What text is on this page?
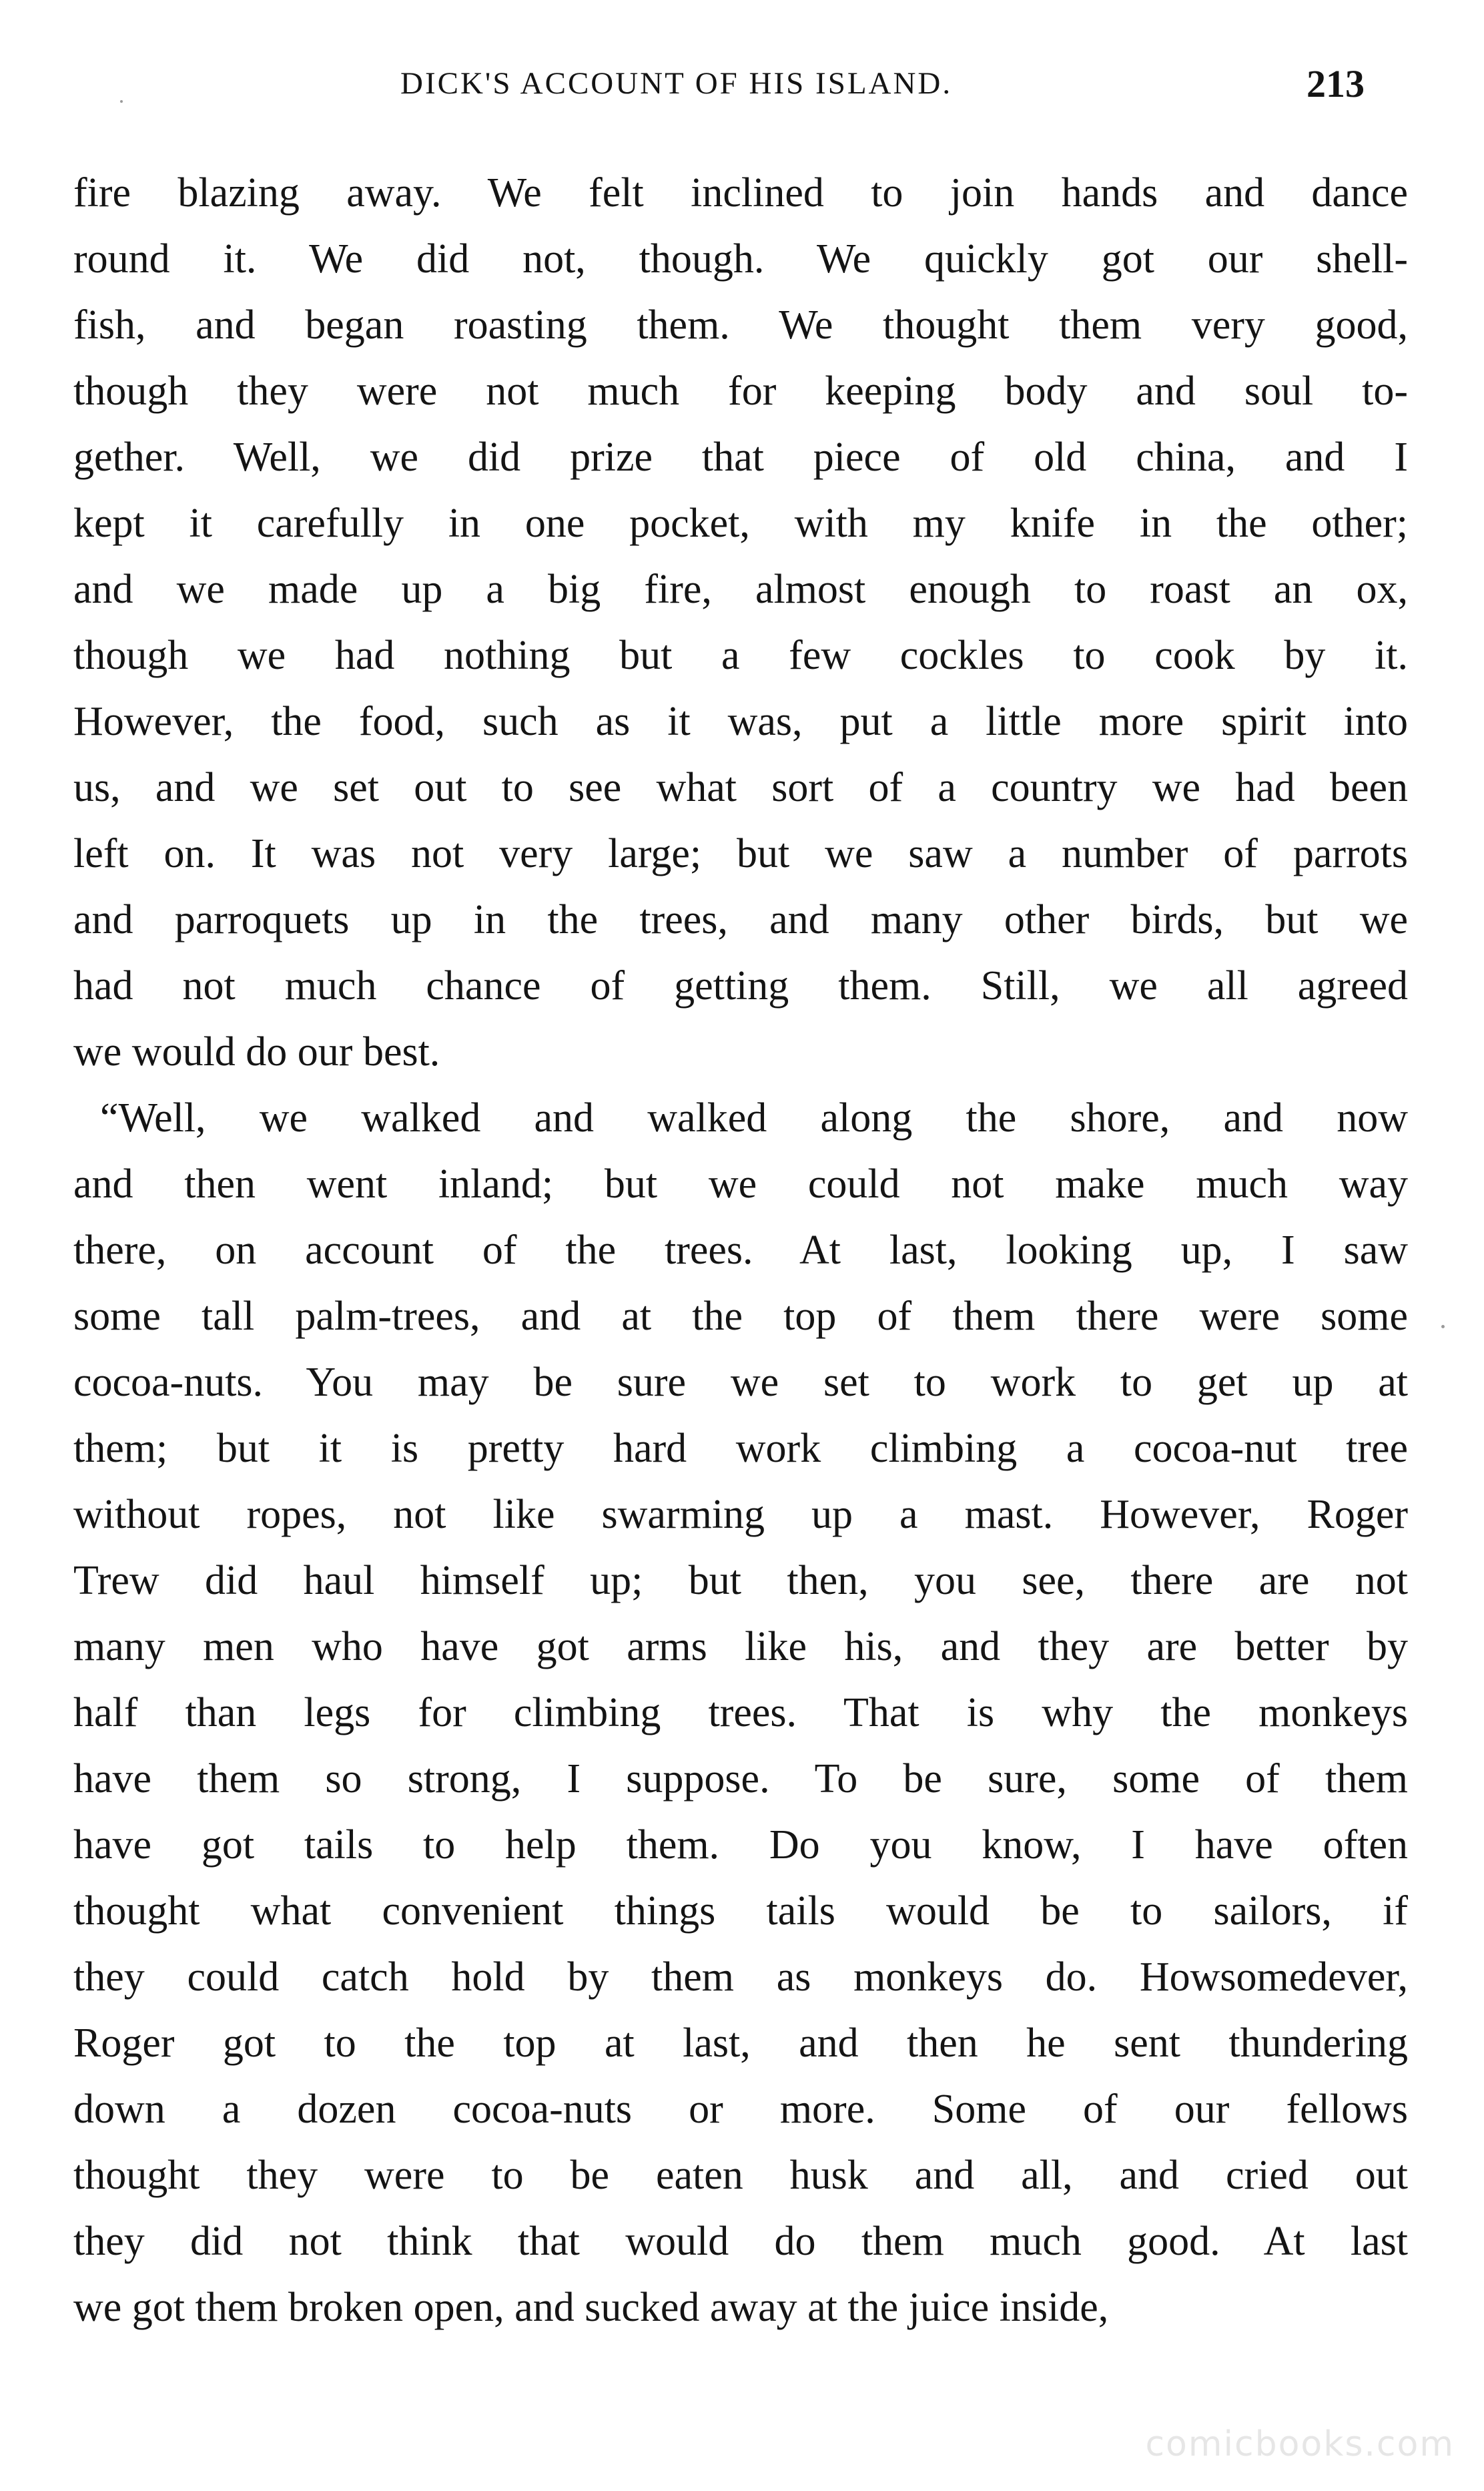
DICK'S ACCOUNT OF HIS ISLAND.	213
fire blazing away. We felt inclined to join hands and dance
round it. We did not, though. We quickly got our shell-
fish, and began roasting them. We thought them very good,
though they were not much for keeping body and soul to-
gether. Well, we did prize that piece of old china, and I
kept it carefully in one pocket, with my knife in the other;
and we made up a big fire, almost enough to roast an ox,
though we had nothing but a few cockles to cook by it.
However, the food, such as it was, put a little more spirit into
us, and we set out to see what sort of a country we had been
left on. It was not very large; but we saw a number of parrots
and parroquets up in the trees, and many other birds, but we
had not much chance of getting them. Still, we all agreed
we would do our best.
“Well, we walked and walked along the shore, and now
and then went inland; but we could not make much way
there, on account of the trees. At last, looking up, I saw
some tall palm-trees, and at the top of them there were some
cocoa-nuts. You may be sure we set to work to get up at
them; but it is pretty hard work climbing a cocoa-nut tree
without ropes, not like swarming up a mast. However, Roger
Trew did haul himself up; but then, you see, there are not
many men who have got arms like his, and they are better by
half than legs for climbing trees. That is why the monkeys
have them so strong, I suppose. To be sure, some of them
have got tails to help them. Do you know, I have often
thought what convenient things tails would be to sailors, if
they could catch hold by them as monkeys do. Howsomedever,
Roger got to the top at last, and then he sent thundering
down a dozen cocoa-nuts or more. Some of our fellows
thought they were to be eaten husk and all, and cried out
they did not think that would do them much good. At last
we got them broken open, and sucked away at the juice inside,
comicbooks.com
